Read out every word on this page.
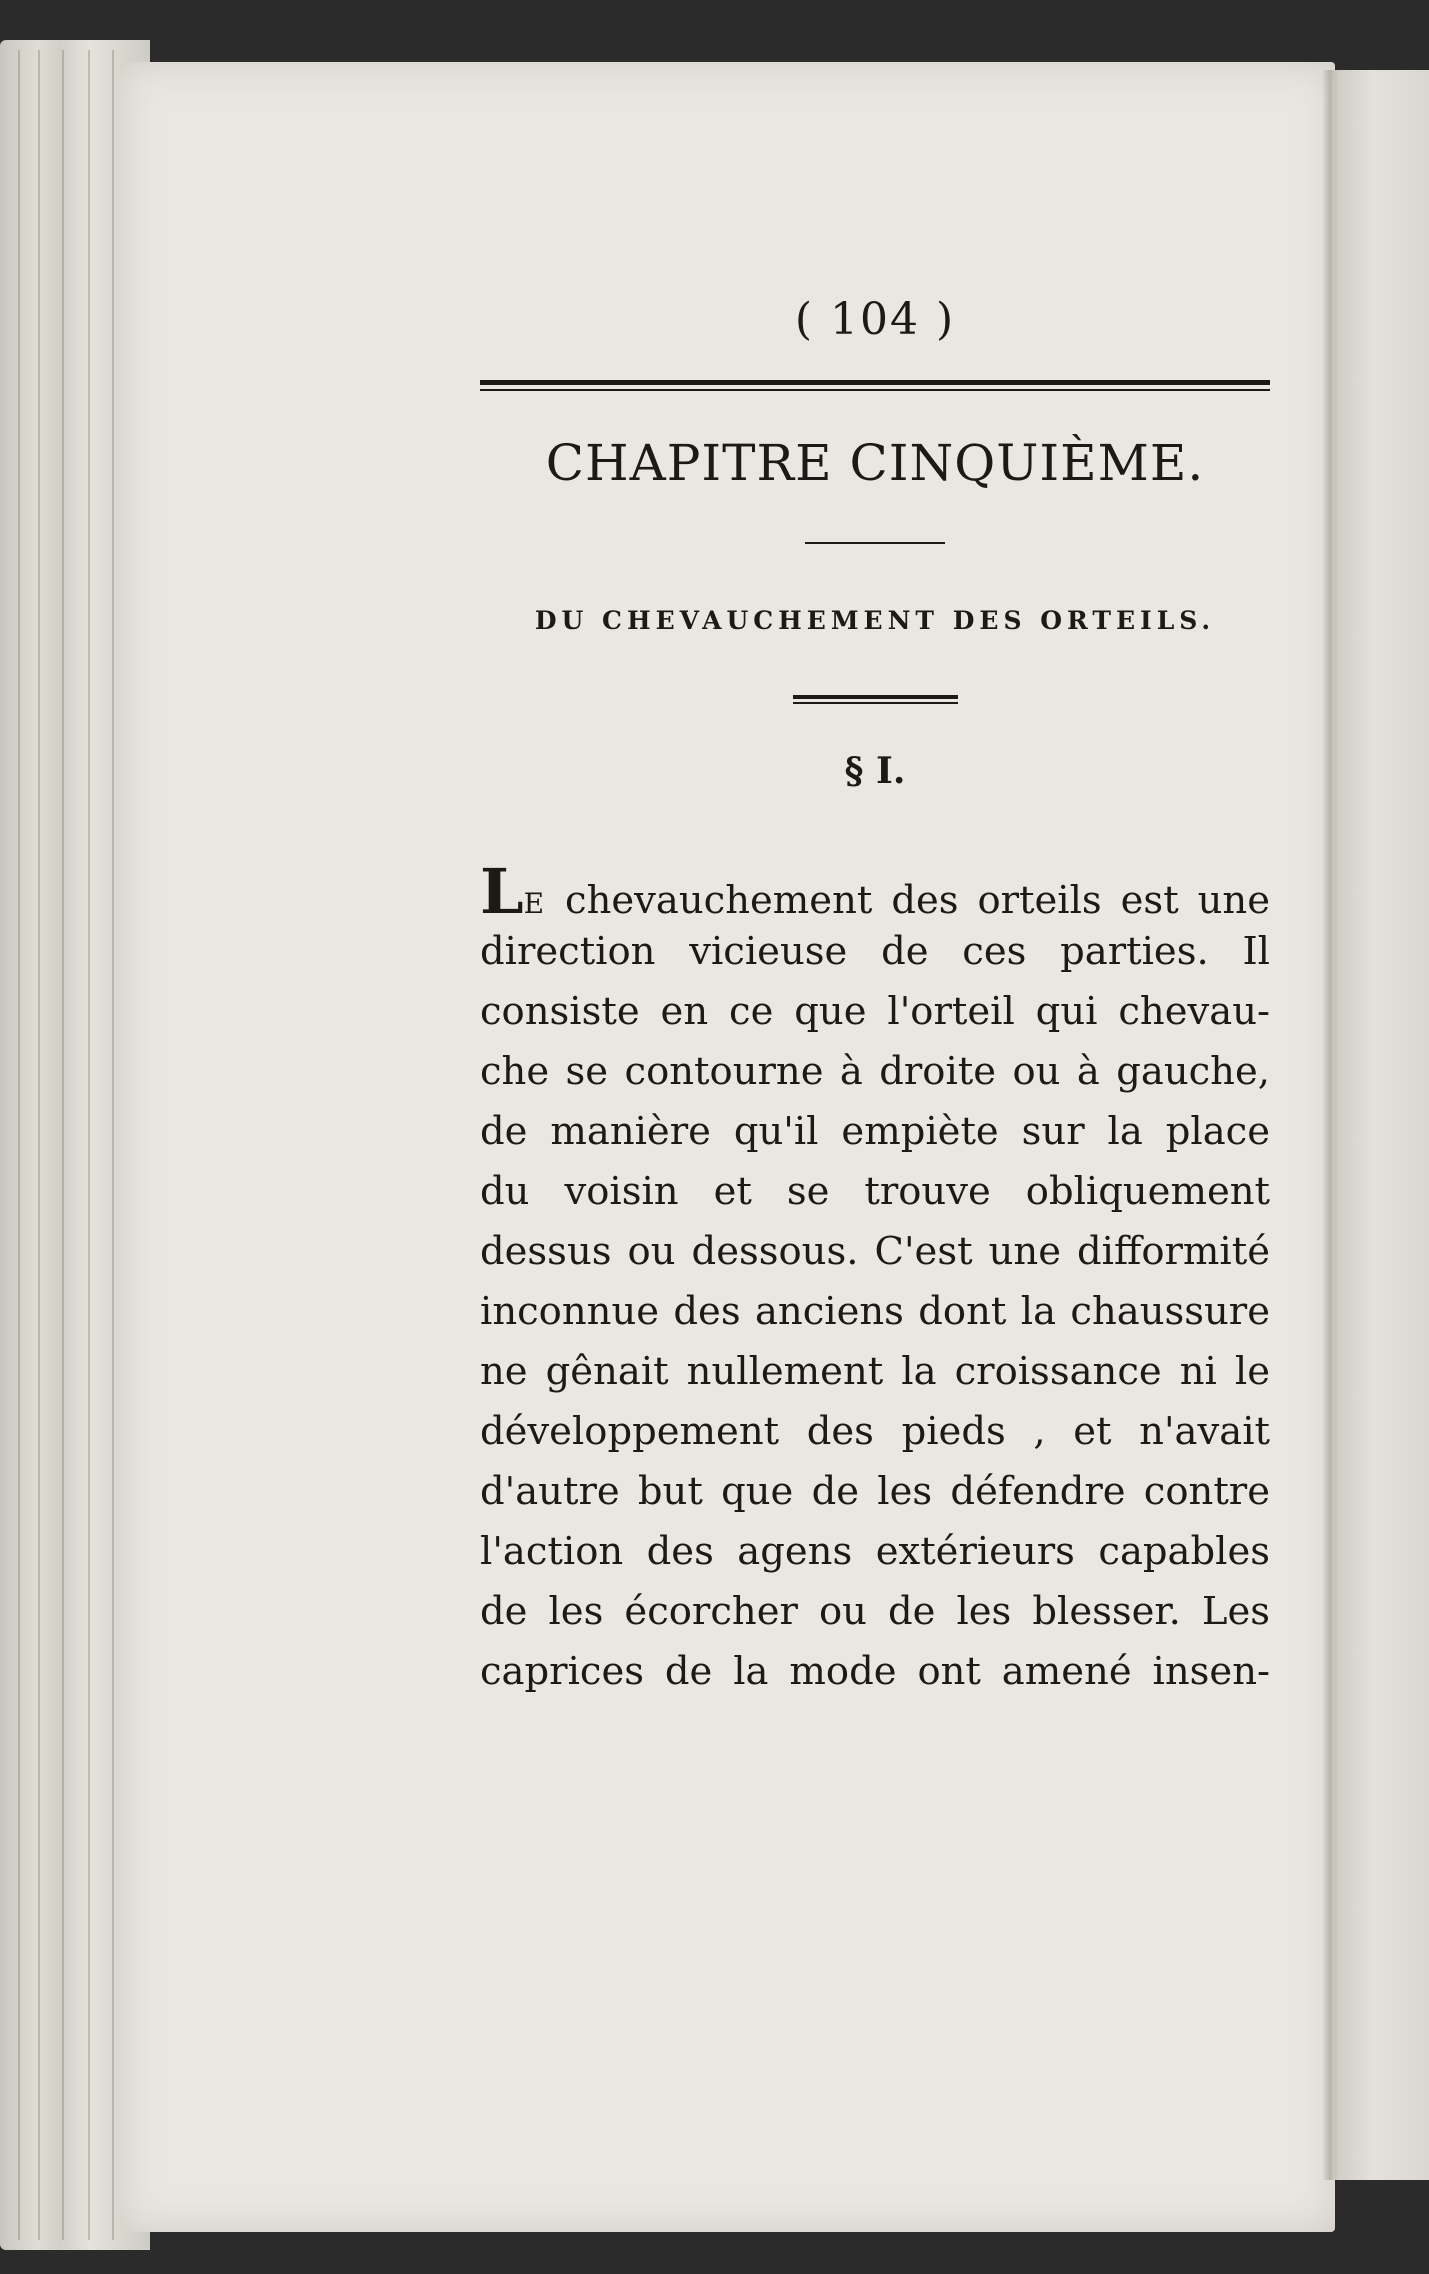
( 104 )

CHAPITRE CINQUIÈME.

DU CHEVAUCHEMENT DES ORTEILS.

§ I.

LE chevauchement des orteils est une
direction vicieuse de ces parties. Il
consiste en ce que l'orteil qui chevau-
che se contourne à droite ou à gauche,
de manière qu'il empiète sur la place
du voisin et se trouve obliquement
dessus ou dessous. C'est une difformité
inconnue des anciens dont la chaussure
ne gênait nullement la croissance ni le
développement des pieds , et n'avait
d'autre but que de les défendre contre
l'action des agens extérieurs capables
de les écorcher ou de les blesser. Les
caprices de la mode ont amené insen-
